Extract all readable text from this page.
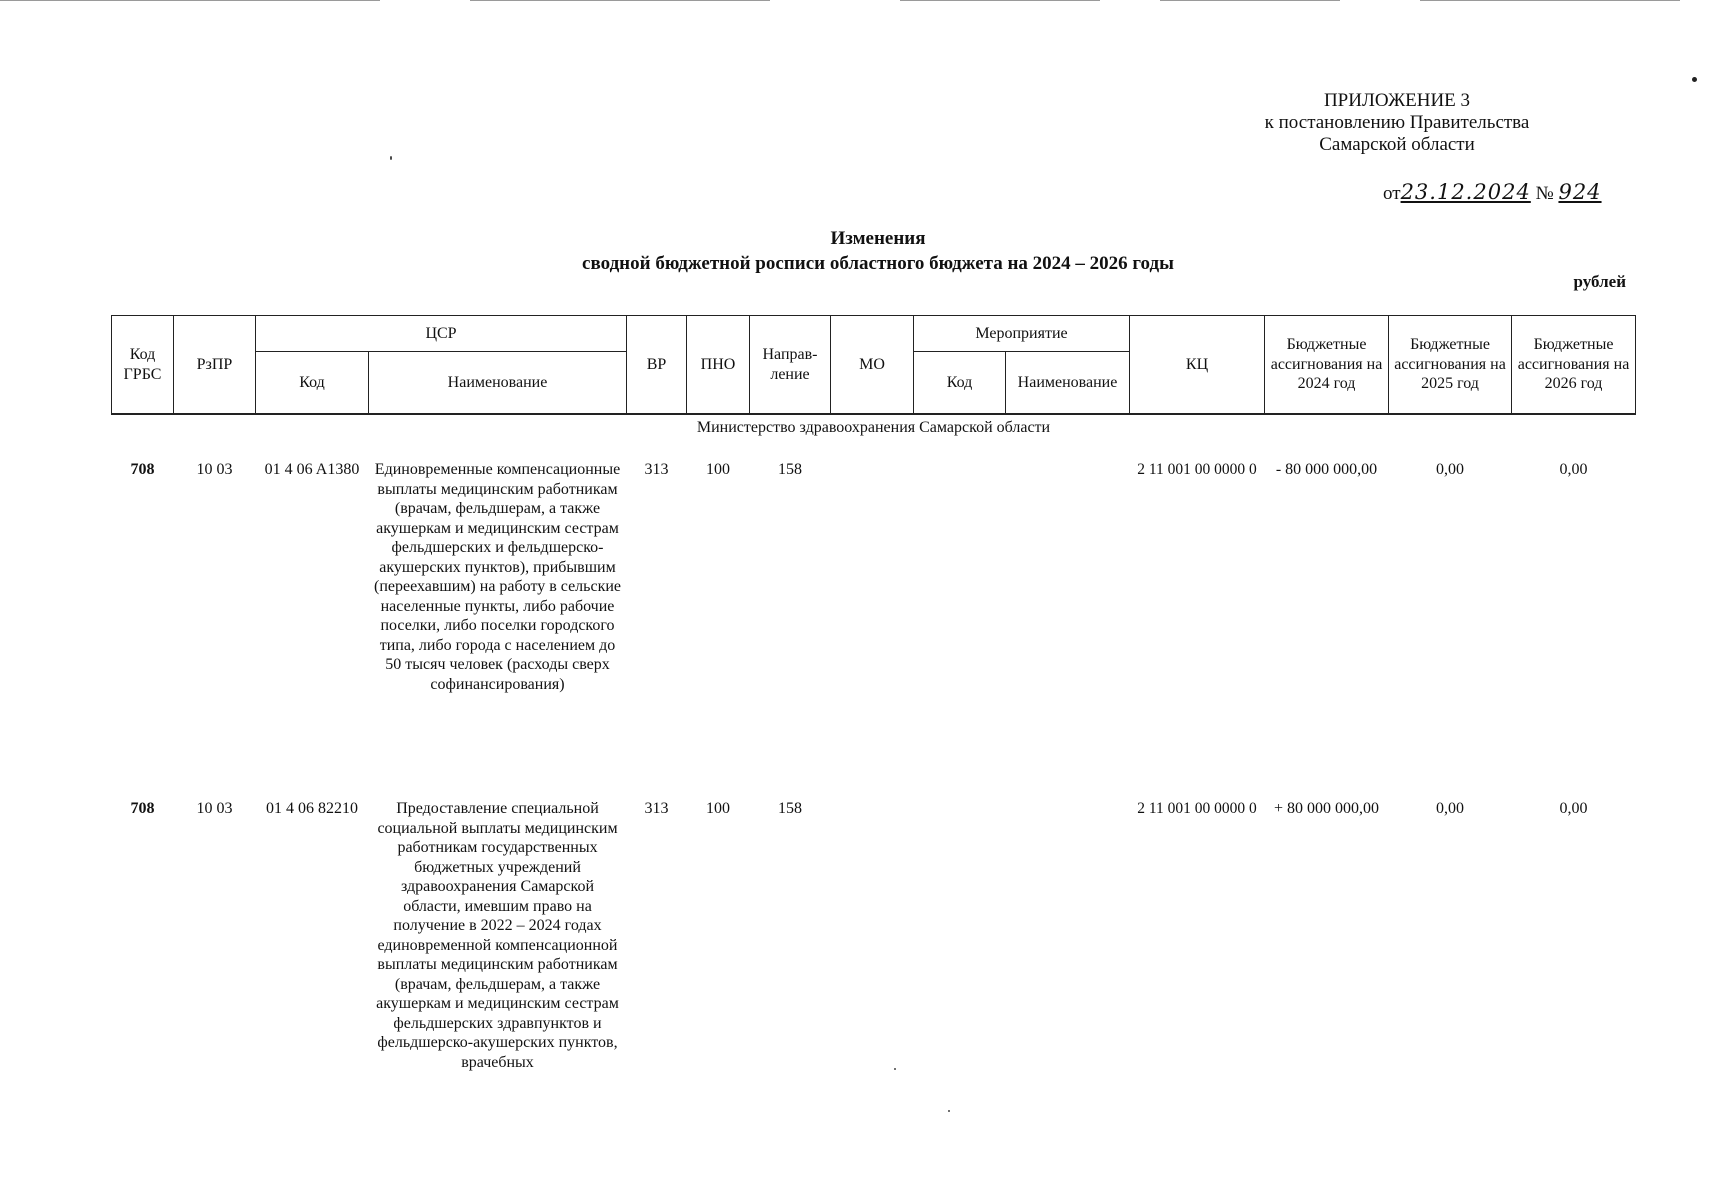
ПРИЛОЖЕНИЕ 3
к постановлению Правительства
Самарской области
от23.12.2024 № 924
Изменения
сводной бюджетной росписи областного бюджета на 2024 – 2026 годы
рублей
Код ГРБС	РзПР	ЦСР		ВР	ПНО	Направ-ление	МО	Мероприятие		КЦ	Бюджетные ассигнования на 2024 год	Бюджетные ассигнования на 2025 год	Бюджетные ассигнования на 2026 год
		Код	Наименование					Код	Наименование				
Министерство здравоохранения Самарской области													
708	10 03	01 4 06 A1380	Единовременные компенсационные выплаты медицинским работникам (врачам, фельдшерам, а также акушеркам и медицинским сестрам фельдшерских и фельдшерско-акушерских пунктов), прибывшим (переехавшим) на работу в сельские населенные пункты, либо рабочие поселки, либо поселки городского типа, либо города с населением до 50 тысяч человек (расходы сверх софинансирования)	313	100	158				2 11 001 00 0000 0	- 80 000 000,00	0,00	0,00
708	10 03	01 4 06 82210	Предоставление специальной социальной выплаты медицинским работникам государственных бюджетных учреждений здравоохранения Самарской области, имевшим право на получение в 2022 – 2024 годах единовременной компенсационной выплаты медицинским работникам (врачам, фельдшерам, а также акушеркам и медицинским сестрам фельдшерских здравпунктов и фельдшерско-акушерских пунктов, врачебных	313	100	158				2 11 001 00 0000 0	+ 80 000 000,00	0,00	0,00
